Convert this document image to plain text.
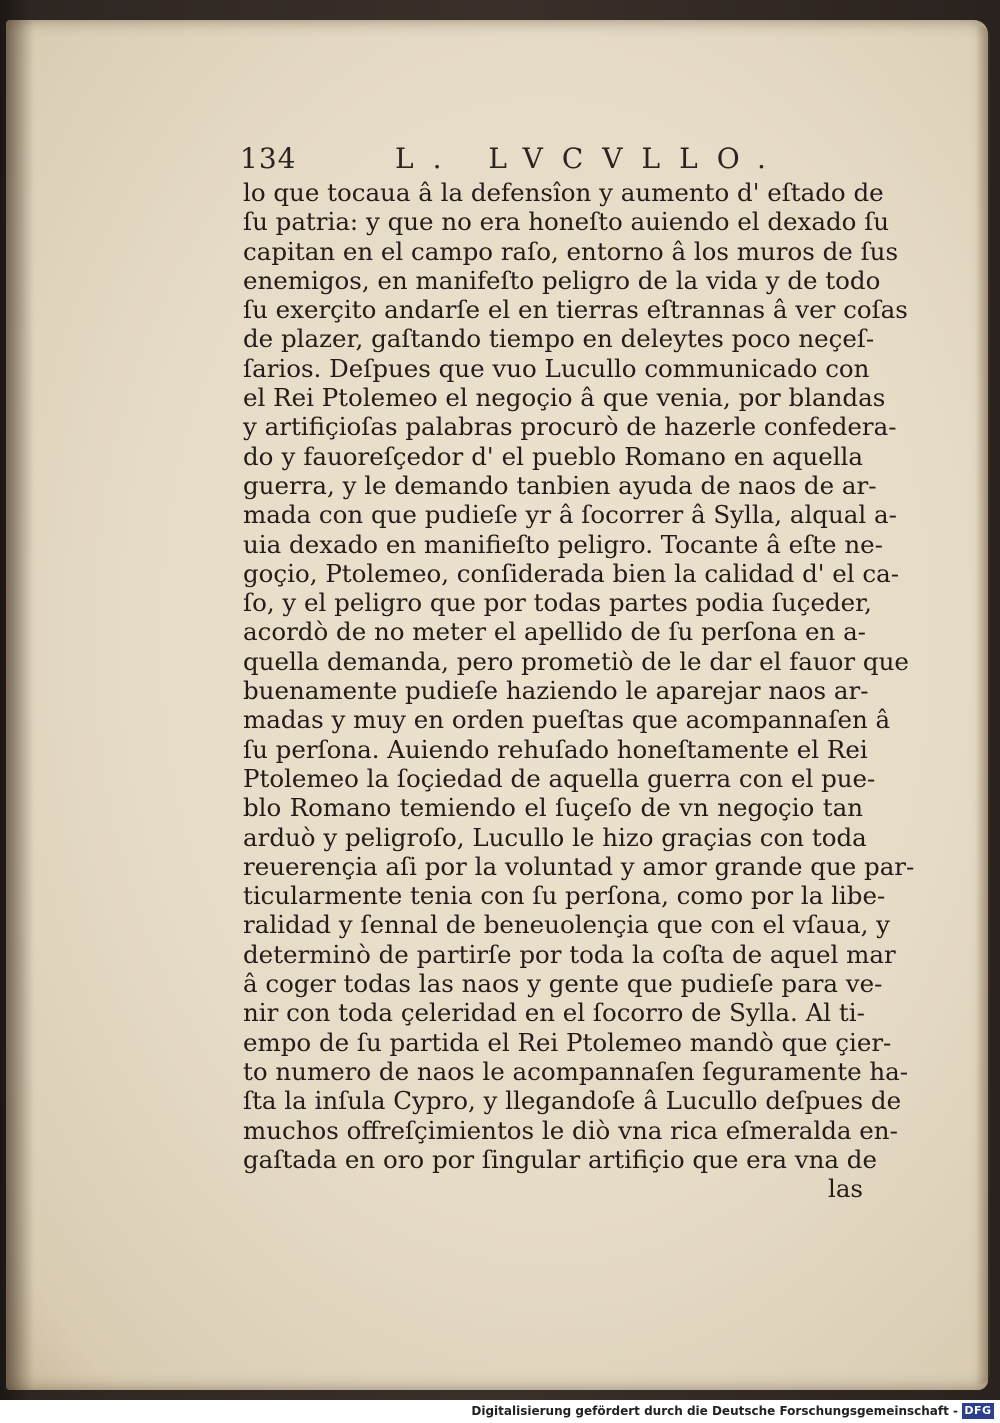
134	L. LVCVLLO.
lo que tocaua â la defensîon y aumento d' eſtado de
ſu patria: y que no era honeſto auiendo el dexado ſu
capitan en el campo raſo, entorno â los muros de ſus
enemigos, en manifeſto peligro de la vida y de todo
ſu exerçito andarſe el en tierras eſtrannas â ver coſas
de plazer, gaſtando tiempo en deleytes poco neçeſ-
ſarios. Deſpues que vuo Lucullo communicado con
el Rei Ptolemeo el negoçio â que venia, por blandas
y artifiçioſas palabras procurò de hazerle confedera-
do y fauoreſçedor d' el pueblo Romano en aquella
guerra, y le demando tanbien ayuda de naos de ar-
mada con que pudieſe yr â ſocorrer â Sylla, alqual a-
uia dexado en manifieſto peligro. Tocante â eſte ne-
goçio, Ptolemeo, conſiderada bien la calidad d' el ca-
ſo, y el peligro que por todas partes podia ſuçeder,
acordò de no meter el apellido de ſu perſona en a-
quella demanda, pero prometiò de le dar el fauor que
buenamente pudieſe haziendo le aparejar naos ar-
madas y muy en orden pueſtas que acompannaſen â
ſu perſona. Auiendo rehuſado honeſtamente el Rei
Ptolemeo la ſoçiedad de aquella guerra con el pue-
blo Romano temiendo el ſuçeſo de vn negoçio tan
arduò y peligroſo, Lucullo le hizo graçias con toda
reuerençia aſi por la voluntad y amor grande que par-
ticularmente tenia con ſu perſona, como por la libe-
ralidad y ſennal de beneuolençia que con el vſaua, y
determinò de partirſe por toda la coſta de aquel mar
â coger todas las naos y gente que pudieſe para ve-
nir con toda çeleridad en el ſocorro de Sylla. Al ti-
empo de ſu partida el Rei Ptolemeo mandò que çier-
to numero de naos le acompannaſen ſeguramente ha-
ſta la inſula Cypro, y llegandoſe â Lucullo deſpues de
muchos offreſçimientos le diò vna rica eſmeralda en-
gaſtada en oro por ſingular artifiçio que era vna de
las
Digitalisierung gefördert durch die Deutsche Forschungsgemeinschaft - DFG
